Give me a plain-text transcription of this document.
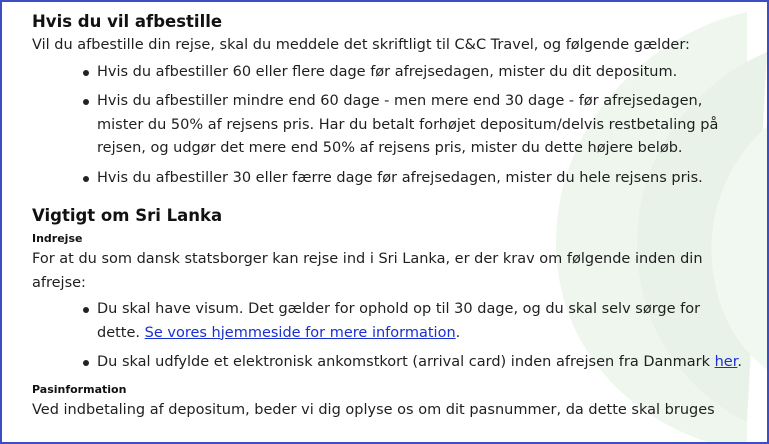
Hvis du vil afbestille

Vil du afbestille din rejse, skal du meddele det skriftligt til C&C Travel, og følgende gælder:

Hvis du afbestiller 60 eller flere dage før afrejsedagen, mister du dit depositum.
Hvis du afbestiller mindre end 60 dage - men mere end 30 dage - før afrejsedagen, mister du 50% af rejsens pris. Har du betalt forhøjet depositum/delvis restbetaling på rejsen, og udgør det mere end 50% af rejsens pris, mister du dette højere beløb.
Hvis du afbestiller 30 eller færre dage før afrejsedagen, mister du hele rejsens pris.
Vigtigt om Sri Lanka
Indrejse

For at du som dansk statsborger kan rejse ind i Sri Lanka, er der krav om følgende inden din afrejse:

Du skal have visum. Det gælder for ophold op til 30 dage, og du skal selv sørge for dette. Se vores hjemmeside for mere information.
Du skal udfylde et elektronisk ankomstkort (arrival card) inden afrejsen fra Danmark her.
Pasinformation

Ved indbetaling af depositum, beder vi dig oplyse os om dit pasnummer, da dette skal bruges
